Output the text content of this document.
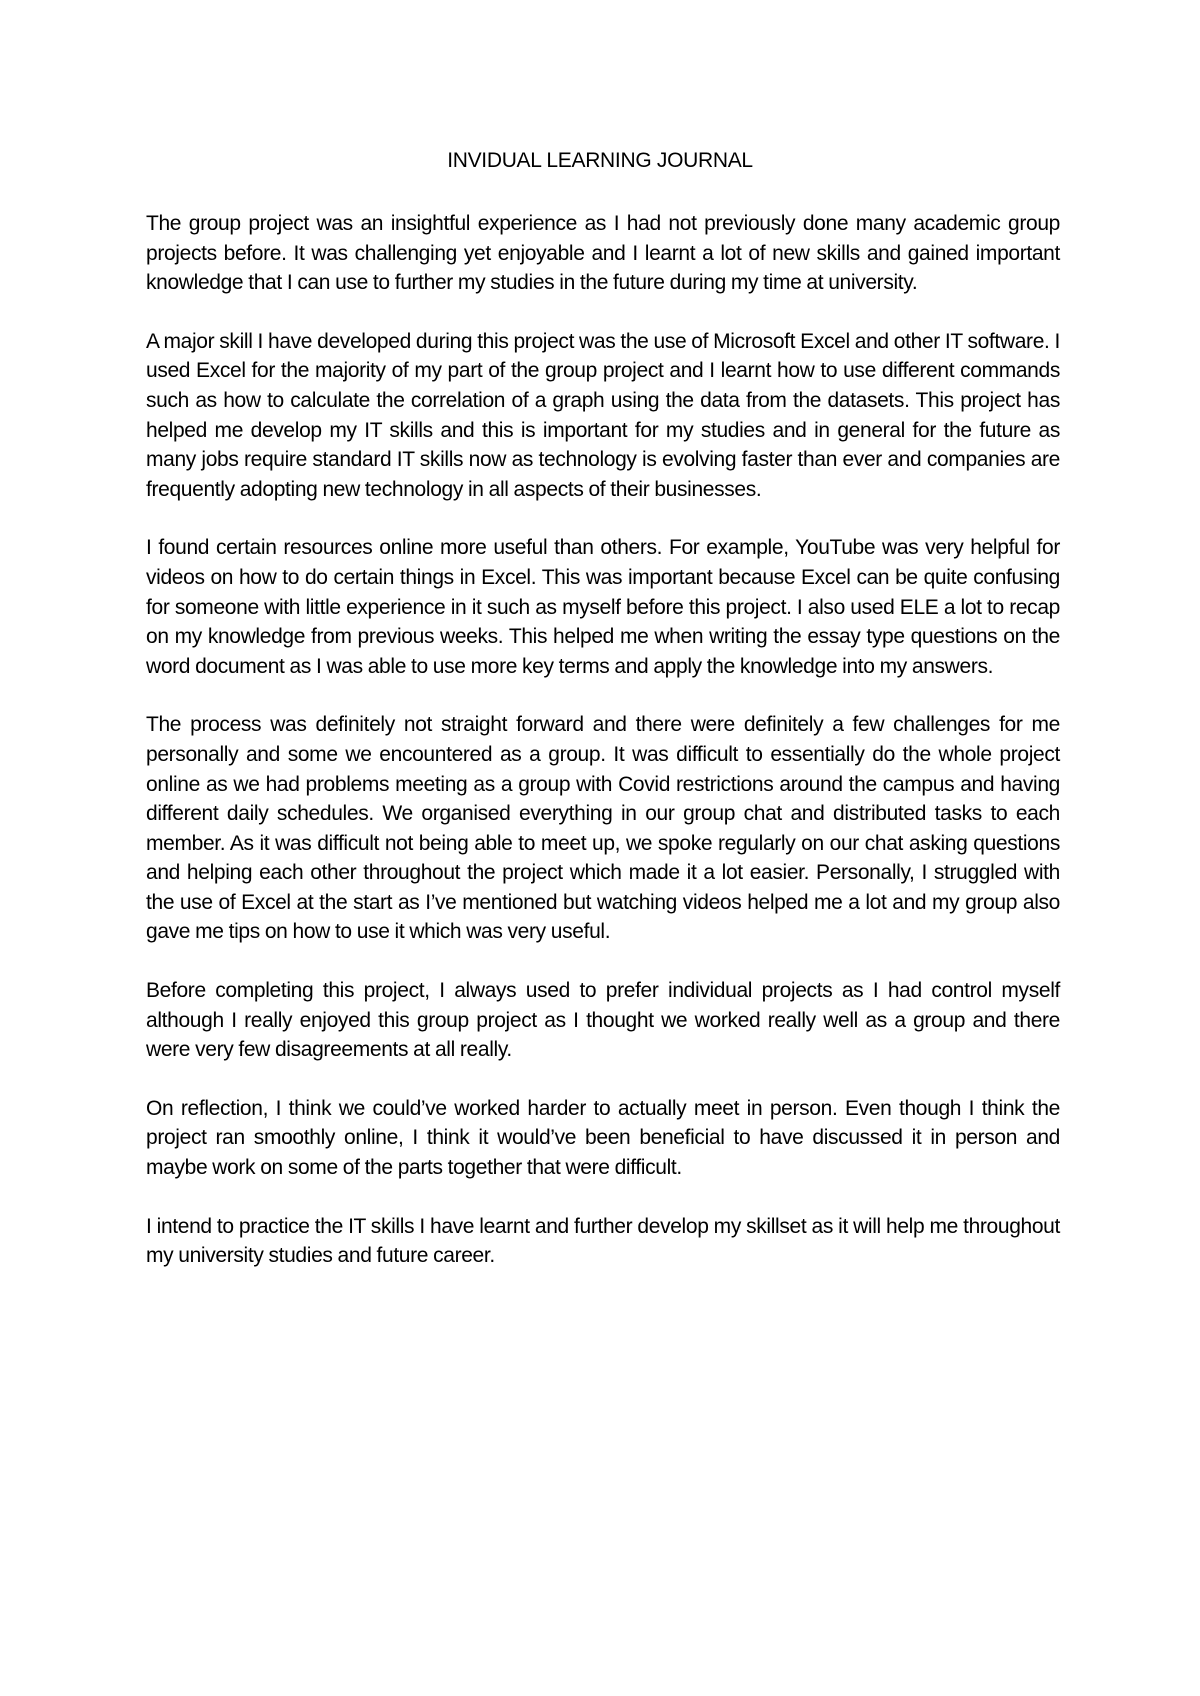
INVIDUAL LEARNING JOURNAL

The group project was an insightful experience as I had not previously done many academic group projects before. It was challenging yet enjoyable and I learnt a lot of new skills and gained important knowledge that I can use to further my studies in the future during my time at university.

A major skill I have developed during this project was the use of Microsoft Excel and other IT software. I used Excel for the majority of my part of the group project and I learnt how to use different commands such as how to calculate the correlation of a graph using the data from the datasets. This project has helped me develop my IT skills and this is important for my studies and in general for the future as many jobs require standard IT skills now as technology is evolving faster than ever and companies are frequently adopting new technology in all aspects of their businesses.

I found certain resources online more useful than others. For example, YouTube was very helpful for videos on how to do certain things in Excel. This was important because Excel can be quite confusing for someone with little experience in it such as myself before this project. I also used ELE a lot to recap on my knowledge from previous weeks. This helped me when writing the essay type questions on the word document as I was able to use more key terms and apply the knowledge into my answers.

The process was definitely not straight forward and there were definitely a few challenges for me personally and some we encountered as a group. It was difficult to essentially do the whole project online as we had problems meeting as a group with Covid restrictions around the campus and having different daily schedules. We organised everything in our group chat and distributed tasks to each member. As it was difficult not being able to meet up, we spoke regularly on our chat asking questions and helping each other throughout the project which made it a lot easier. Personally, I struggled with the use of Excel at the start as I’ve mentioned but watching videos helped me a lot and my group also gave me tips on how to use it which was very useful.

Before completing this project, I always used to prefer individual projects as I had control myself although I really enjoyed this group project as I thought we worked really well as a group and there were very few disagreements at all really.

On reflection, I think we could’ve worked harder to actually meet in person. Even though I think the project ran smoothly online, I think it would’ve been beneficial to have discussed it in person and maybe work on some of the parts together that were difficult.

I intend to practice the IT skills I have learnt and further develop my skillset as it will help me throughout my university studies and future career.
